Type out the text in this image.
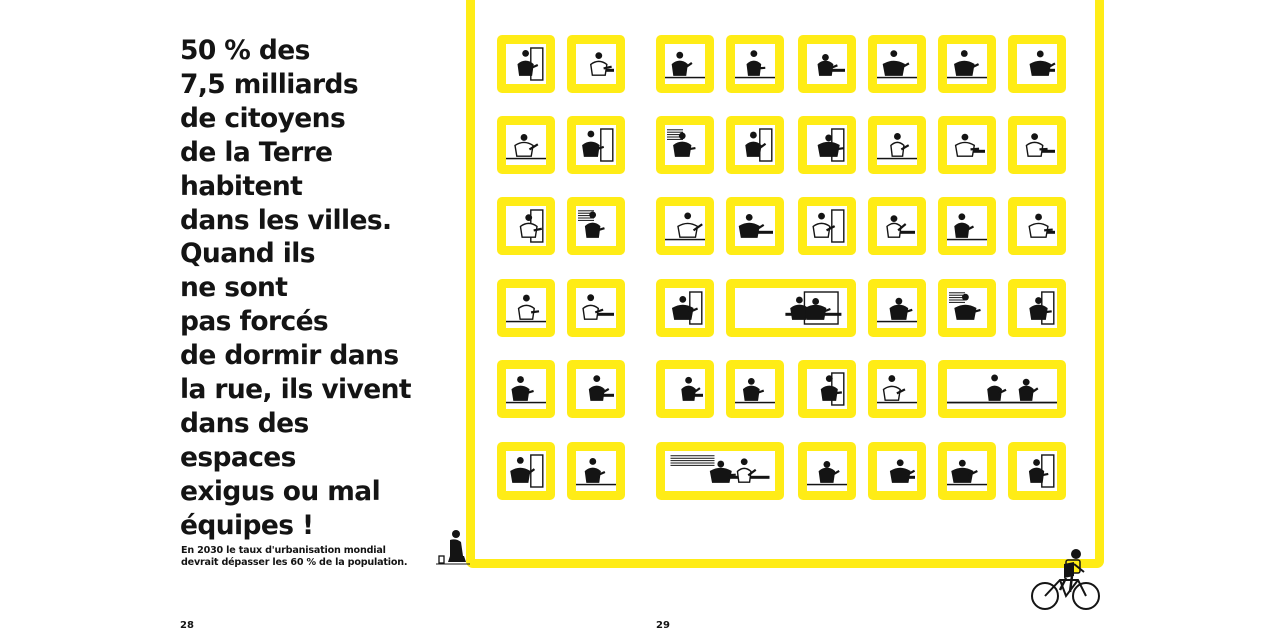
50 % des
7,5 milliards
de citoyens
de la Terre
habitent
dans les villes.
Quand ils
ne sont
pas forcés
de dormir dans
la rue, ils vivent
dans des
espaces
exigus ou mal
équipes !
En 2030 le taux d'urbanisation mondial
devrait dépasser les 60 % de la population.
28	29
